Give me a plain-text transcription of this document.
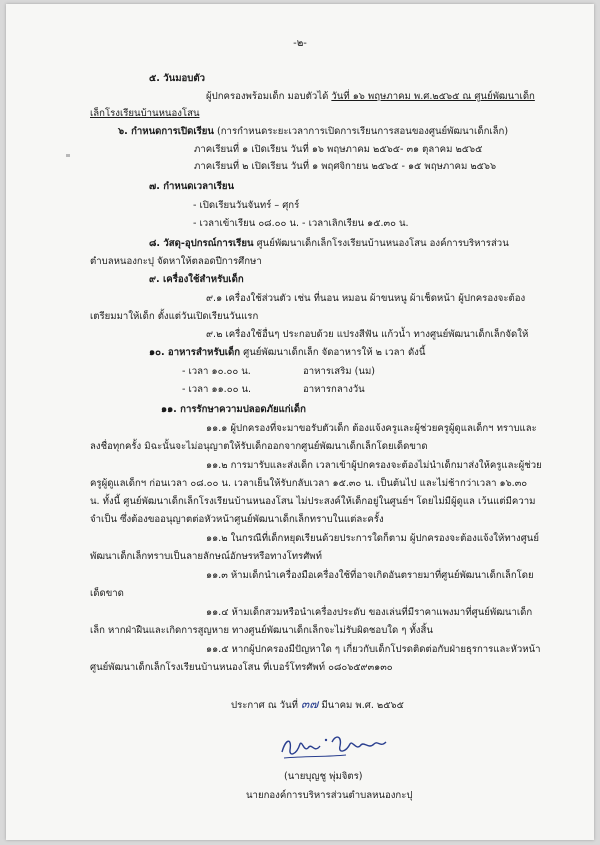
-๒-
๕. วันมอบตัว
ผู้ปกครองพร้อมเด็ก มอบตัวได้ วันที่ ๑๖ พฤษภาคม พ.ศ.๒๕๖๕ ณ ศูนย์พัฒนาเด็ก
เล็กโรงเรียนบ้านหนองโสน
๖. กำหนดการเปิดเรียน (การกำหนดระยะเวลาการเปิดการเรียนการสอนของศูนย์พัฒนาเด็กเล็ก)
ภาคเรียนที่ ๑ เปิดเรียน วันที่ ๑๖ พฤษภาคม ๒๕๖๕- ๓๑ ตุลาคม ๒๕๖๕
ภาคเรียนที่ ๒ เปิดเรียน วันที่ ๑ พฤศจิกายน ๒๕๖๕ - ๑๕ พฤษภาคม ๒๕๖๖
๗. กำหนดเวลาเรียน
- เปิดเรียนวันจันทร์ – ศุกร์
- เวลาเข้าเรียน ๐๘.๐๐ น. - เวลาเลิกเรียน ๑๕.๓๐ น.
๘. วัสดุ-อุปกรณ์การเรียน ศูนย์พัฒนาเด็กเล็กโรงเรียนบ้านหนองโสน องค์การบริหารส่วน
ตำบลหนองกะปุ จัดหาให้ตลอดปีการศึกษา
๙. เครื่องใช้สำหรับเด็ก
๙.๑ เครื่องใช้ส่วนตัว เช่น ที่นอน หมอน ผ้าขนหนู ผ้าเช็ดหน้า ผู้ปกครองจะต้อง
เตรียมมาให้เด็ก ตั้งแต่วันเปิดเรียนวันแรก
๙.๒ เครื่องใช้อื่นๆ ประกอบด้วย แปรงสีฟัน แก้วน้ำ ทางศูนย์พัฒนาเด็กเล็กจัดให้
๑๐. อาหารสำหรับเด็ก ศูนย์พัฒนาเด็กเล็ก จัดอาหารให้ ๒ เวลา ดังนี้
- เวลา ๑๐.๐๐ น.	อาหารเสริม (นม)
- เวลา ๑๑.๐๐ น.	อาหารกลางวัน
๑๑. การรักษาความปลอดภัยแก่เด็ก
๑๑.๑ ผู้ปกครองที่จะมาขอรับตัวเด็ก ต้องแจ้งครูและผู้ช่วยครูผู้ดูแลเด็กฯ ทราบและ
ลงชื่อทุกครั้ง มิฉะนั้นจะไม่อนุญาตให้รับเด็กออกจากศูนย์พัฒนาเด็กเล็กโดยเด็ดขาด
๑๑.๒ การมารับและส่งเด็ก เวลาเข้าผู้ปกครองจะต้องไม่นำเด็กมาส่งให้ครูและผู้ช่วย
ครูผู้ดูแลเด็กฯ ก่อนเวลา ๐๘.๐๐ น. เวลาเย็นให้รับกลับเวลา ๑๕.๓๐ น. เป็นต้นไป และไม่ช้ากว่าเวลา ๑๖.๓๐
น. ทั้งนี้ ศูนย์พัฒนาเด็กเล็กโรงเรียนบ้านหนองโสน ไม่ประสงค์ให้เด็กอยู่ในศูนย์ฯ โดยไม่มีผู้ดูแล เว้นแต่มีความ
จำเป็น ซึ่งต้องขออนุญาตต่อหัวหน้าศูนย์พัฒนาเด็กเล็กทราบในแต่ละครั้ง
๑๑.๒ ในกรณีที่เด็กหยุดเรียนด้วยประการใดก็ตาม ผู้ปกครองจะต้องแจ้งให้ทางศูนย์
พัฒนาเด็กเล็กทราบเป็นลายลักษณ์อักษรหรือทางโทรศัพท์
๑๑.๓ ห้ามเด็กนำเครื่องมือเครื่องใช้ที่อาจเกิดอันตรายมาที่ศูนย์พัฒนาเด็กเล็กโดย
เด็ดขาด
๑๑.๔ ห้ามเด็กสวมหรือนำเครื่องประดับ ของเล่นที่มีราคาแพงมาที่ศูนย์พัฒนาเด็ก
เล็ก หากฝ่าฝืนและเกิดการสูญหาย ทางศูนย์พัฒนาเด็กเล็กจะไม่รับผิดชอบใด ๆ ทั้งสิ้น
๑๑.๕ หากผู้ปกครองมีปัญหาใด ๆ เกี่ยวกับเด็กโปรดติดต่อกับฝ่ายธุรการและหัวหน้า
ศูนย์พัฒนาเด็กเล็กโรงเรียนบ้านหนองโสน ที่เบอร์โทรศัพท์ ๐๘๐๖๕๙๓๑๓๐
ประกาศ ณ วันที่ ๓๗ มีนาคม พ.ศ. ๒๕๖๕
(นายบุญชู พุ่มจิตร)
นายกองค์การบริหารส่วนตำบลหนองกะปุ
